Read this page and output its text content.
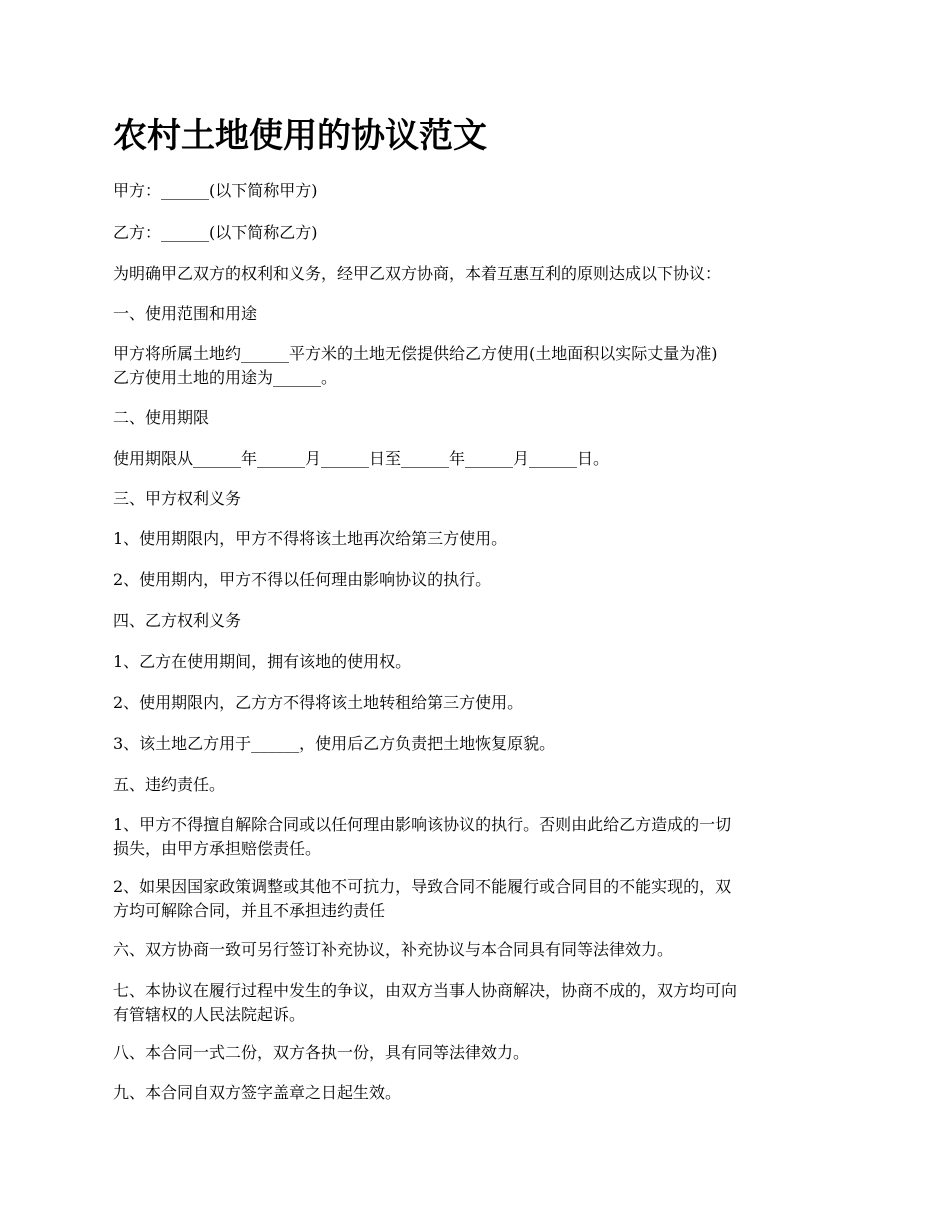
农村土地使用的协议范文

甲方：______(以下简称甲方)

乙方：______(以下简称乙方)

为明确甲乙双方的权利和义务，经甲乙双方协商，本着互惠互利的原则达成以下协议：

一、使用范围和用途

甲方将所属土地约______平方米的土地无偿提供给乙方使用(土地面积以实际丈量为准)
乙方使用土地的用途为______。

二、使用期限

使用期限从______年______月______日至______年______月______日。

三、甲方权利义务

1、使用期限内，甲方不得将该土地再次给第三方使用。

2、使用期内，甲方不得以任何理由影响协议的执行。

四、乙方权利义务

1、乙方在使用期间，拥有该地的使用权。

2、使用期限内，乙方方不得将该土地转租给第三方使用。

3、该土地乙方用于______，使用后乙方负责把土地恢复原貌。

五、违约责任。

1、甲方不得擅自解除合同或以任何理由影响该协议的执行。否则由此给乙方造成的一切
损失，由甲方承担赔偿责任。

2、如果因国家政策调整或其他不可抗力，导致合同不能履行或合同目的不能实现的，双
方均可解除合同，并且不承担违约责任

六、双方协商一致可另行签订补充协议，补充协议与本合同具有同等法律效力。

七、本协议在履行过程中发生的争议，由双方当事人协商解决，协商不成的，双方均可向
有管辖权的人民法院起诉。

八、本合同一式二份，双方各执一份，具有同等法律效力。

九、本合同自双方签字盖章之日起生效。
